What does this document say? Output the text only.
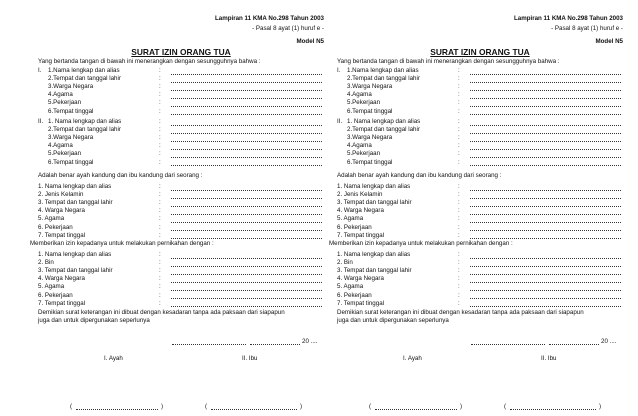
Lampiran 11 KMA No.298 Tahun 2003
- Pasal 8 ayat (1) huruf e -
Model N5
SURAT IZIN ORANG TUA
Yang bertanda tangan di bawah ini menerangkan dengan sesungguhnya bahwa :
I. 1.Nama lengkap dan alias	:
2.Tempat dan tanggal lahir	:
3.Warga Negara	:
4.Agama	:
5.Pekerjaan	:
6.Tempat tinggal	:
II. 1. Nama lengkap dan alias	:
2.Tempat dan tanggal lahir	:
3.Warga Negara	:
4.Agama	:
5.Pekerjaan	:
6.Tempat tinggal	:
Adalah benar ayah kandung dan ibu kandung dari seorang :
1. Nama lengkap dan alias	:
2. Jenis Kelamin	:
3. Tempat dan tanggal lahir	:
4. Warga Negara	:
5. Agama	:
6. Pekerjaan	:
7. Tempat tinggal	:
Memberikan izin kepadanya untuk melakukan pernikahan dengan :
1. Nama lengkap dan alias	:
2. Bin	:
3. Tempat dan tanggal lahir	:
4. Warga Negara	:
5. Agama	:
6. Pekerjaan	:
7. Tempat tinggal	:
Demikian surat keterangan ini dibuat dengan kesadaran tanpa ada paksaan dari siapapun
juga dan untuk dipergunakan seperlunya
20 ....
I. Ayah	II. Ibu
(	)	(	)
Lampiran 11 KMA No.298 Tahun 2003
- Pasal 8 ayat (1) huruf e -
Model N5
SURAT IZIN ORANG TUA
Yang bertanda tangan di bawah ini menerangkan dengan sesungguhnya bahwa :
I. 1.Nama lengkap dan alias	:
2.Tempat dan tanggal lahir	:
3.Warga Negara	:
4.Agama	:
5.Pekerjaan	:
6.Tempat tinggal	:
II. 1. Nama lengkap dan alias	:
2.Tempat dan tanggal lahir	:
3.Warga Negara	:
4.Agama	:
5.Pekerjaan	:
6.Tempat tinggal	:
Adalah benar ayah kandung dan ibu kandung dari seorang :
1. Nama lengkap dan alias	:
2. Jenis Kelamin	:
3. Tempat dan tanggal lahir	:
4. Warga Negara	:
5. Agama	:
6. Pekerjaan	:
7. Tempat tinggal	:
Memberikan izin kepadanya untuk melakukan pernikahan dengan :
1. Nama lengkap dan alias	:
2. Bin	:
3. Tempat dan tanggal lahir	:
4. Warga Negara	:
5. Agama	:
6. Pekerjaan	:
7. Tempat tinggal	:
Demikian surat keterangan ini dibuat dengan kesadaran tanpa ada paksaan dari siapapun
juga dan untuk dipergunakan seperlunya
20 ....
I. Ayah	II. Ibu
(	)	(	)
